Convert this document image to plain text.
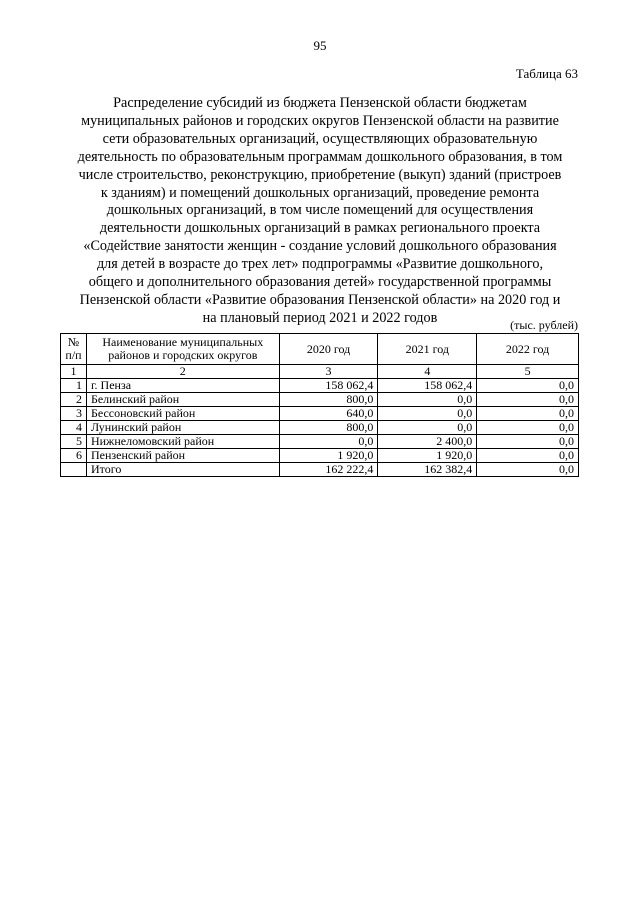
95
Таблица 63
Распределение субсидий из бюджета Пензенской области бюджетам
муниципальных районов и городских округов Пензенской области на развитие
сети образовательных организаций, осуществляющих образовательную
деятельность по образовательным программам дошкольного образования, в том
числе строительство, реконструкцию, приобретение (выкуп) зданий (пристроев
к зданиям) и помещений дошкольных организаций, проведение ремонта
дошкольных организаций, в том числе помещений для осуществления
деятельности дошкольных организаций в рамках регионального проекта
«Содействие занятости женщин - создание условий дошкольного образования
для детей в возрасте до трех лет» подпрограммы «Развитие дошкольного,
общего и дополнительного образования детей» государственной программы
Пензенской области «Развитие образования Пензенской области» на 2020 год и
на плановый период 2021 и 2022 годов	(тыс. рублей)
№ п/п	Наименование муниципальных районов и городских округов	2020 год	2021 год	2022 год
1	2	3	4	5
1	г. Пенза	158 062,4	158 062,4	0,0
2	Белинский район	800,0	0,0	0,0
3	Бессоновский район	640,0	0,0	0,0
4	Лунинский район	800,0	0,0	0,0
5	Нижнеломовский район	0,0	2 400,0	0,0
6	Пензенский район	1 920,0	1 920,0	0,0
	Итого	162 222,4	162 382,4	0,0
